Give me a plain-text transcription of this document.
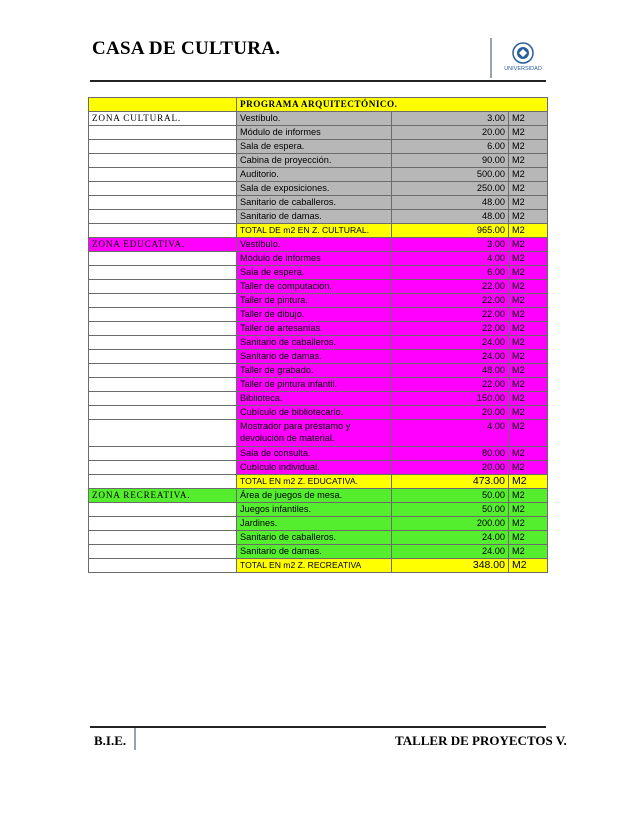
CASA DE CULTURA.
UNIVERSIDAD
	PROGRAMA ARQUITECTÓNICO.		
ZONA CULTURAL.	Vestíbulo.	3.00	M2
	Módulo de informes	20.00	M2
	Sala de espera.	6.00	M2
	Cabina de proyección.	90.00	M2
	Auditorio.	500.00	M2
	Sala de exposiciones.	250.00	M2
	Sanitario de caballeros.	48.00	M2
	Sanitario de damas.	48.00	M2
	TOTAL DE m2 EN Z. CULTURAL.	965.00	M2
ZONA EDUCATIVA.	Vestíbulo.	3.00	M2
	Módulo de informes	4.00	M2
	Sala de espera.	6.00	M2
	Taller de computación.	22.00	M2
	Taller de pintura.	22.00	M2
	Taller de dibujo.	22.00	M2
	Taller de artesanías.	22.00	M2
	Sanitario de caballeros.	24.00	M2
	Sanitario de damas.	24.00	M2
	Taller de grabado.	48.00	M2
	Taller de pintura infantil.	22.00	M2
	Biblioteca.	150.00	M2
	Cubículo de bibliotecario.	20.00	M2
	Mostrador para préstamo y devolución de material.	4.00	M2
	Sala de consulta.	80.00	M2
	Cubículo individual.	20.00	M2
	TOTAL EN m2 Z. EDUCATIVA.	473.00	M2
ZONA RECREATIVA.	Área de juegos de mesa.	50.00	M2
	Juegos infantiles.	50.00	M2
	Jardines.	200.00	M2
	Sanitario de caballeros.	24.00	M2
	Sanitario de damas.	24.00	M2
	TOTAL EN m2 Z. RECREATIVA	348.00	M2
B.I.E.	TALLER DE PROYECTOS V.
